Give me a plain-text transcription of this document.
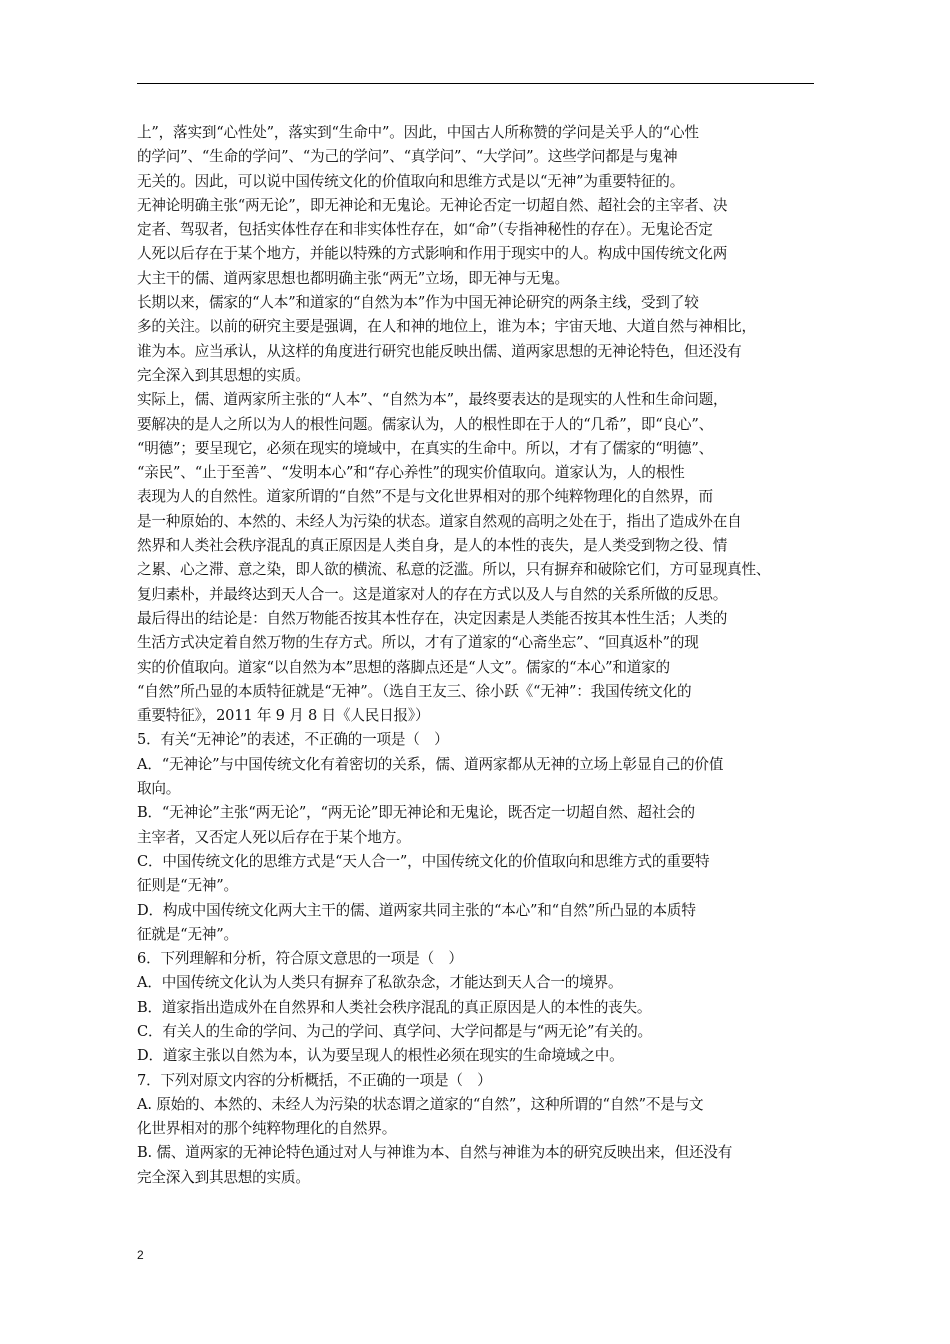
上”，落实到“心性处”，落实到“生命中”。因此，中国古人所称赞的学问是关乎人的“心性
的学问”、“生命的学问”、“为己的学问”、“真学问”、“大学问”。这些学问都是与鬼神
无关的。因此，可以说中国传统文化的价值取向和思维方式是以“无神”为重要特征的。
无神论明确主张“两无论”，即无神论和无鬼论。无神论否定一切超自然、超社会的主宰者、决
定者、驾驭者，包括实体性存在和非实体性存在，如“命”（专指神秘性的存在）。无鬼论否定
人死以后存在于某个地方，并能以特殊的方式影响和作用于现实中的人。构成中国传统文化两
大主干的儒、道两家思想也都明确主张“两无”立场，即无神与无鬼。
长期以来，儒家的“人本”和道家的“自然为本”作为中国无神论研究的两条主线，受到了较
多的关注。以前的研究主要是强调，在人和神的地位上，谁为本；宇宙天地、大道自然与神相比，
谁为本。应当承认，从这样的角度进行研究也能反映出儒、道两家思想的无神论特色，但还没有
完全深入到其思想的实质。
实际上，儒、道两家所主张的“人本”、“自然为本”，最终要表达的是现实的人性和生命问题，
要解决的是人之所以为人的根性问题。儒家认为，人的根性即在于人的“几希”，即“良心”、
“明德”；要呈现它，必须在现实的境域中，在真实的生命中。所以，才有了儒家的“明德”、
“亲民”、“止于至善”、“发明本心”和“存心养性”的现实价值取向。道家认为，人的根性
表现为人的自然性。道家所谓的“自然”不是与文化世界相对的那个纯粹物理化的自然界，而
是一种原始的、本然的、未经人为污染的状态。道家自然观的高明之处在于，指出了造成外在自
然界和人类社会秩序混乱的真正原因是人类自身，是人的本性的丧失，是人类受到物之役、情
之累、心之滞、意之染，即人欲的横流、私意的泛滥。所以，只有摒弃和破除它们，方可显现真性、
复归素朴，并最终达到天人合一。这是道家对人的存在方式以及人与自然的关系所做的反思。
最后得出的结论是：自然万物能否按其本性存在，决定因素是人类能否按其本性生活；人类的
生活方式决定着自然万物的生存方式。所以，才有了道家的“心斋坐忘”、“回真返朴”的现
实的价值取向。道家“以自然为本”思想的落脚点还是“人文”。儒家的“本心”和道家的
“自然”所凸显的本质特征就是“无神”。（选自王友三、徐小跃《“无神”：我国传统文化的
重要特征》，2011 年 9 月 8 日《人民日报》）
5．有关“无神论”的表述，不正确的一项是（　）
A．“无神论”与中国传统文化有着密切的关系，儒、道两家都从无神的立场上彰显自己的价值
取向。
B．“无神论”主张“两无论”，“两无论”即无神论和无鬼论，既否定一切超自然、超社会的
主宰者，又否定人死以后存在于某个地方。
C．中国传统文化的思维方式是“天人合一”，中国传统文化的价值取向和思维方式的重要特
征则是“无神”。
D．构成中国传统文化两大主干的儒、道两家共同主张的“本心”和“自然”所凸显的本质特
征就是“无神”。
6．下列理解和分析，符合原文意思的一项是（　）
A．中国传统文化认为人类只有摒弃了私欲杂念，才能达到天人合一的境界。
B．道家指出造成外在自然界和人类社会秩序混乱的真正原因是人的本性的丧失。
C．有关人的生命的学问、为己的学问、真学问、大学问都是与“两无论”有关的。
D．道家主张以自然为本，认为要呈现人的根性必须在现实的生命境域之中。
7．下列对原文内容的分析概括，不正确的一项是（　）
A. 原始的、本然的、未经人为污染的状态谓之道家的“自然”，这种所谓的“自然”不是与文
化世界相对的那个纯粹物理化的自然界。
B. 儒、道两家的无神论特色通过对人与神谁为本、自然与神谁为本的研究反映出来，但还没有
完全深入到其思想的实质。
2
